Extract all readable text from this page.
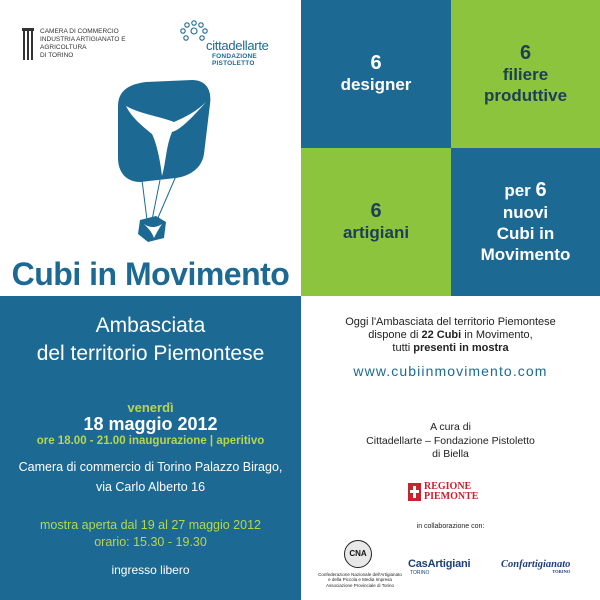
CAMERA DI COMMERCIO
INDUSTRIA ARTIGIANATO E AGRICOLTURA
DI TORINO
cittadellarte
FONDAZIONE PISTOLETTO
Cubi in Movimento
6
designer
6
filiere
produttive
6
artigiani
per 6
nuovi
Cubi in
Movimento
Ambasciata
del territorio Piemontese
venerdì
18 maggio 2012
ore 18.00 - 21.00 inaugurazione | aperitivo
Camera di commercio di Torino Palazzo Birago,
via Carlo Alberto 16
mostra aperta dal 19 al 27 maggio 2012
orario: 15.30 - 19.30
ingresso libero
Oggi l'Ambasciata del territorio Piemontese
dispone di 22 Cubi in Movimento,
tutti presenti in mostra
www.cubiinmovimento.com
A cura di
Cittadellarte – Fondazione Pistoletto
di Biella
REGIONE
PIEMONTE
in collaborazione con:
CNA
Confederazione Nazionale dell'Artigianato
e della Piccola e Media Impresa
Associazione Provinciale di Torino
CasArtigiani
TORINO
Confartigianato
TORINO
